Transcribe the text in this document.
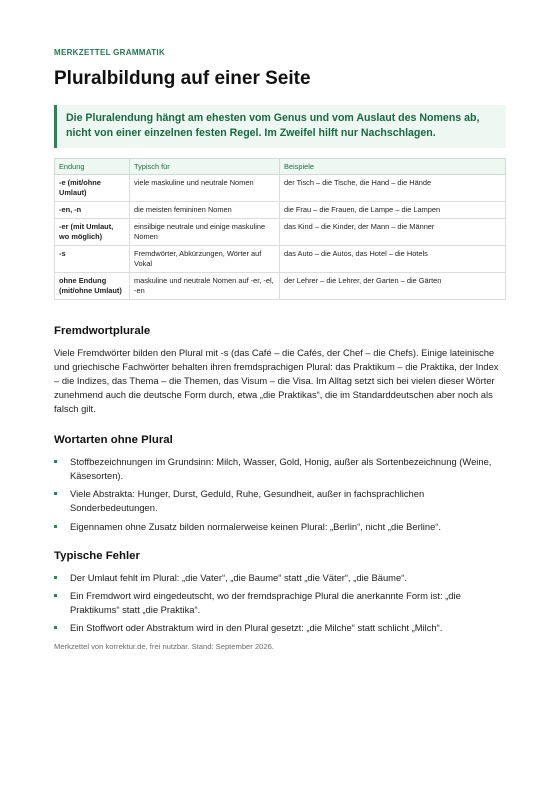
MERKZETTEL GRAMMATIK
Pluralbildung auf einer Seite
Die Pluralendung hängt am ehesten vom Genus und vom Auslaut des Nomens ab, nicht von einer einzelnen festen Regel. Im Zweifel hilft nur Nachschlagen.
Endung	Typisch für	Beispiele
-e (mit/ohne Umlaut)	viele maskuline und neutrale Nomen	der Tisch – die Tische, die Hand – die Hände
-en, -n	die meisten femininen Nomen	die Frau – die Frauen, die Lampe – die Lampen
-er (mit Umlaut, wo möglich)	einsilbige neutrale und einige maskuline Nomen	das Kind – die Kinder, der Mann – die Männer
-s	Fremdwörter, Abkürzungen, Wörter auf Vokal	das Auto – die Autos, das Hotel – die Hotels
ohne Endung (mit/ohne Umlaut)	maskuline und neutrale Nomen auf -er, -el, -en	der Lehrer – die Lehrer, der Garten – die Gärten
Fremdwortplurale

Viele Fremdwörter bilden den Plural mit -s (das Café – die Cafés, der Chef – die Chefs). Einige lateinische und griechische Fachwörter behalten ihren fremdsprachigen Plural: das Praktikum – die Praktika, der Index – die Indizes, das Thema – die Themen, das Visum – die Visa. Im Alltag setzt sich bei vielen dieser Wörter zunehmend auch die deutsche Form durch, etwa „die Praktikas“, die im Standarddeutschen aber noch als falsch gilt.

Wortarten ohne Plural
Stoffbezeichnungen im Grundsinn: Milch, Wasser, Gold, Honig, außer als Sortenbezeichnung (Weine, Käsesorten).
Viele Abstrakta: Hunger, Durst, Geduld, Ruhe, Gesundheit, außer in fachsprachlichen Sonderbedeutungen.
Eigennamen ohne Zusatz bilden normalerweise keinen Plural: „Berlin“, nicht „die Berline“.
Typische Fehler
Der Umlaut fehlt im Plural: „die Vater“, „die Baume“ statt „die Väter“, „die Bäume“.
Ein Fremdwort wird eingedeutscht, wo der fremdsprachige Plural die anerkannte Form ist: „die Praktikums“ statt „die Praktika“.
Ein Stoffwort oder Abstraktum wird in den Plural gesetzt: „die Milche“ statt schlicht „Milch“.
Merkzettel von korrektur.de, frei nutzbar. Stand: September 2026.
